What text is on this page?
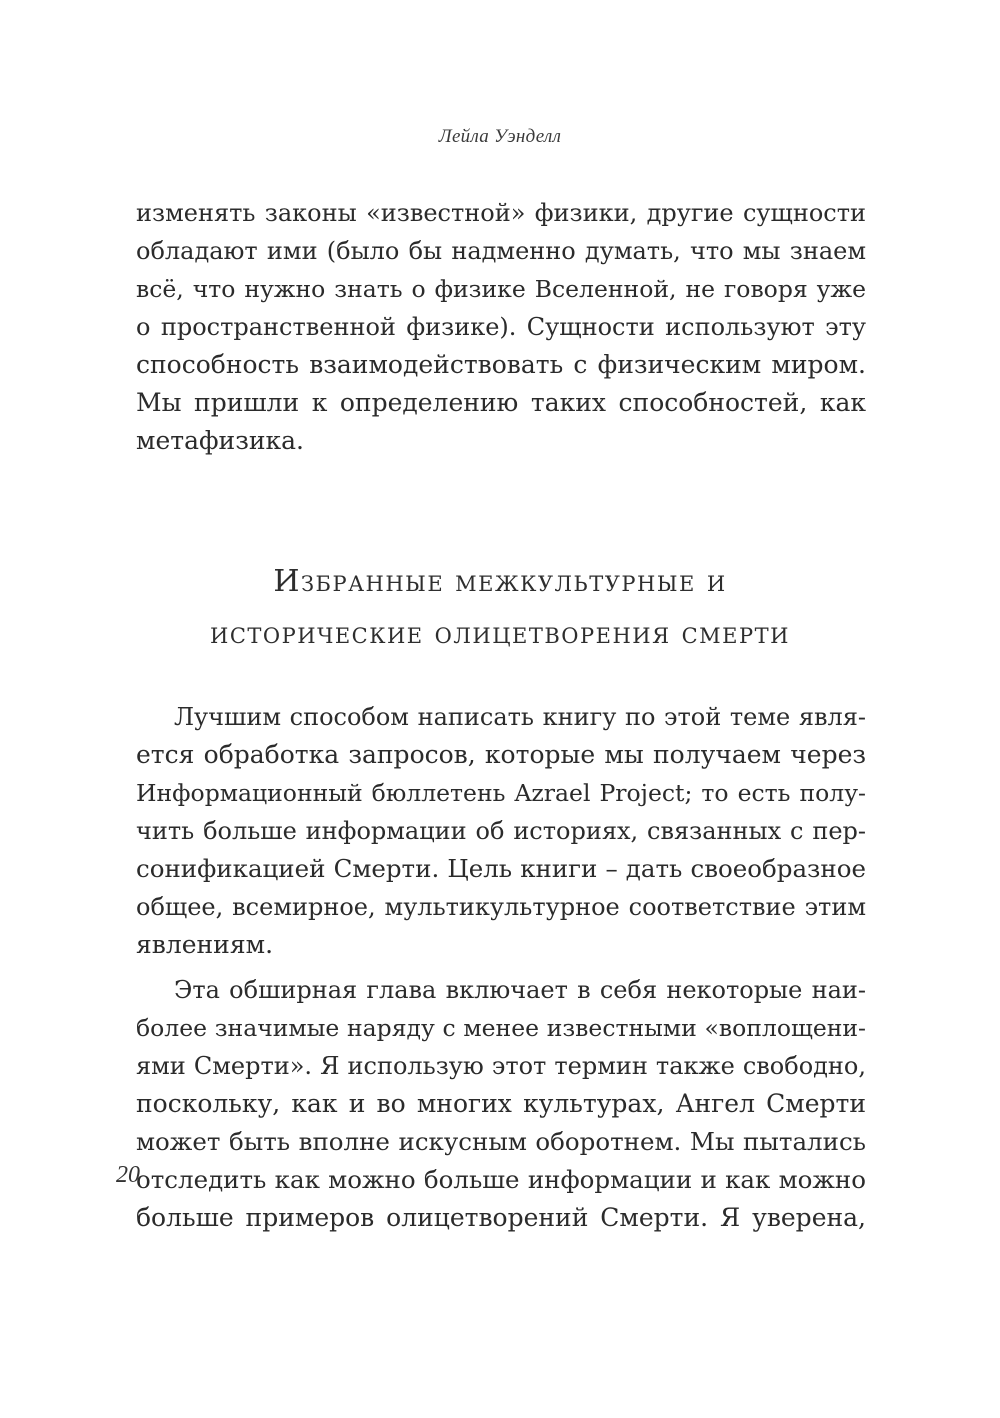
Лейла Уэнделл
изменять законы «известной» физики, другие сущности
обладают ими (было бы надменно думать, что мы знаем
всё, что нужно знать о физике Вселенной, не говоря уже
о пространственной физике). Сущности используют эту
способность взаимодействовать с физическим миром.
Мы пришли к определению таких способностей, как
метафизика.
Избранные межкультурные и
исторические олицетворения смерти
Лучшим способом написать книгу по этой теме явля-
ется обработка запросов, которые мы получаем через
Информационный бюллетень Azrael Project; то есть полу-
чить больше информации об историях, связанных с пер-
сонификацией Смерти. Цель книги – дать своеобразное
общее, всемирное, мультикультурное соответствие этим
явлениям.
Эта обширная глава включает в себя некоторые наи-
более значимые наряду с менее известными «воплощени-
ями Смерти». Я использую этот термин также свободно,
поскольку, как и во многих культурах, Ангел Смерти
может быть вполне искусным оборотнем. Мы пытались
отследить как можно больше информации и как можно
больше примеров олицетворений Смерти. Я уверена,
20
